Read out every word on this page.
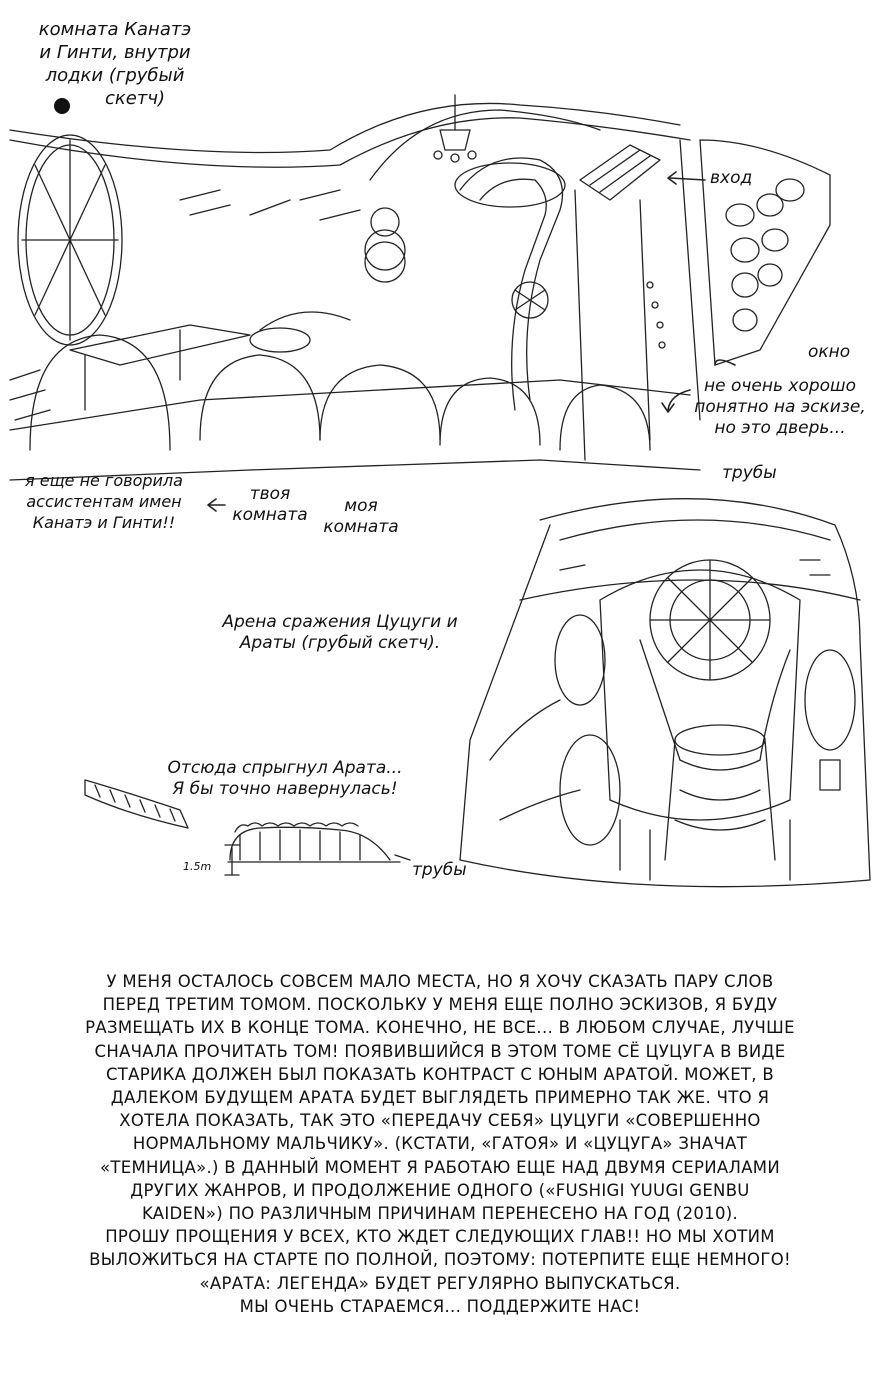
комната Канатэ
и Гинти, внутри
лодки (грубый
скетч)
вход
окно
не очень хорошо
понятно на эскизе,
но это дверь...
я еще не говорила
ассистентам имен
Канатэ и Гинти!!
твоя
комната	моя
комната
трубы
Арена сражения Цуцуги и
Араты (грубый скетч).
Отсюда спрыгнул Арата...
Я бы точно навернулась!
1.5m	трубы
У МЕНЯ ОСТАЛОСЬ СОВСЕМ МАЛО МЕСТА, НО Я ХОЧУ СКАЗАТЬ ПАРУ СЛОВ
ПЕРЕД ТРЕТИМ ТОМОМ. ПОСКОЛЬКУ У МЕНЯ ЕЩЕ ПОЛНО ЭСКИЗОВ, Я БУДУ
РАЗМЕЩАТЬ ИХ В КОНЦЕ ТОМА. КОНЕЧНО, НЕ ВСЕ... В ЛЮБОМ СЛУЧАЕ, ЛУЧШЕ
СНАЧАЛА ПРОЧИТАТЬ ТОМ! ПОЯВИВШИЙСЯ В ЭТОМ ТОМЕ СЁ ЦУЦУГА В ВИДЕ
СТАРИКА ДОЛЖЕН БЫЛ ПОКАЗАТЬ КОНТРАСТ С ЮНЫМ АРАТОЙ. МОЖЕТ, В
ДАЛЕКОМ БУДУЩЕМ АРАТА БУДЕТ ВЫГЛЯДЕТЬ ПРИМЕРНО ТАК ЖЕ. ЧТО Я
ХОТЕЛА ПОКАЗАТЬ, ТАК ЭТО «ПЕРЕДАЧУ СЕБЯ» ЦУЦУГИ «СОВЕРШЕННО
НОРМАЛЬНОМУ МАЛЬЧИКУ». (КСТАТИ, «ГАТОЯ» И «ЦУЦУГА» ЗНАЧАТ
«ТЕМНИЦА».) В ДАННЫЙ МОМЕНТ Я РАБОТАЮ ЕЩЕ НАД ДВУМЯ СЕРИАЛАМИ
ДРУГИХ ЖАНРОВ, И ПРОДОЛЖЕНИЕ ОДНОГО («FUSHIGI YUUGI GENBU
KAIDEN») ПО РАЗЛИЧНЫМ ПРИЧИНАМ ПЕРЕНЕСЕНО НА ГОД (2010).
ПРОШУ ПРОЩЕНИЯ У ВСЕХ, КТО ЖДЕТ СЛЕДУЮЩИХ ГЛАВ!! НО МЫ ХОТИМ
ВЫЛОЖИТЬСЯ НА СТАРТЕ ПО ПОЛНОЙ, ПОЭТОМУ: ПОТЕРПИТЕ ЕЩЕ НЕМНОГО!
«АРАТА: ЛЕГЕНДА» БУДЕТ РЕГУЛЯРНО ВЫПУСКАТЬСЯ.
МЫ ОЧЕНЬ СТАРАЕМСЯ... ПОДДЕРЖИТЕ НАС!
